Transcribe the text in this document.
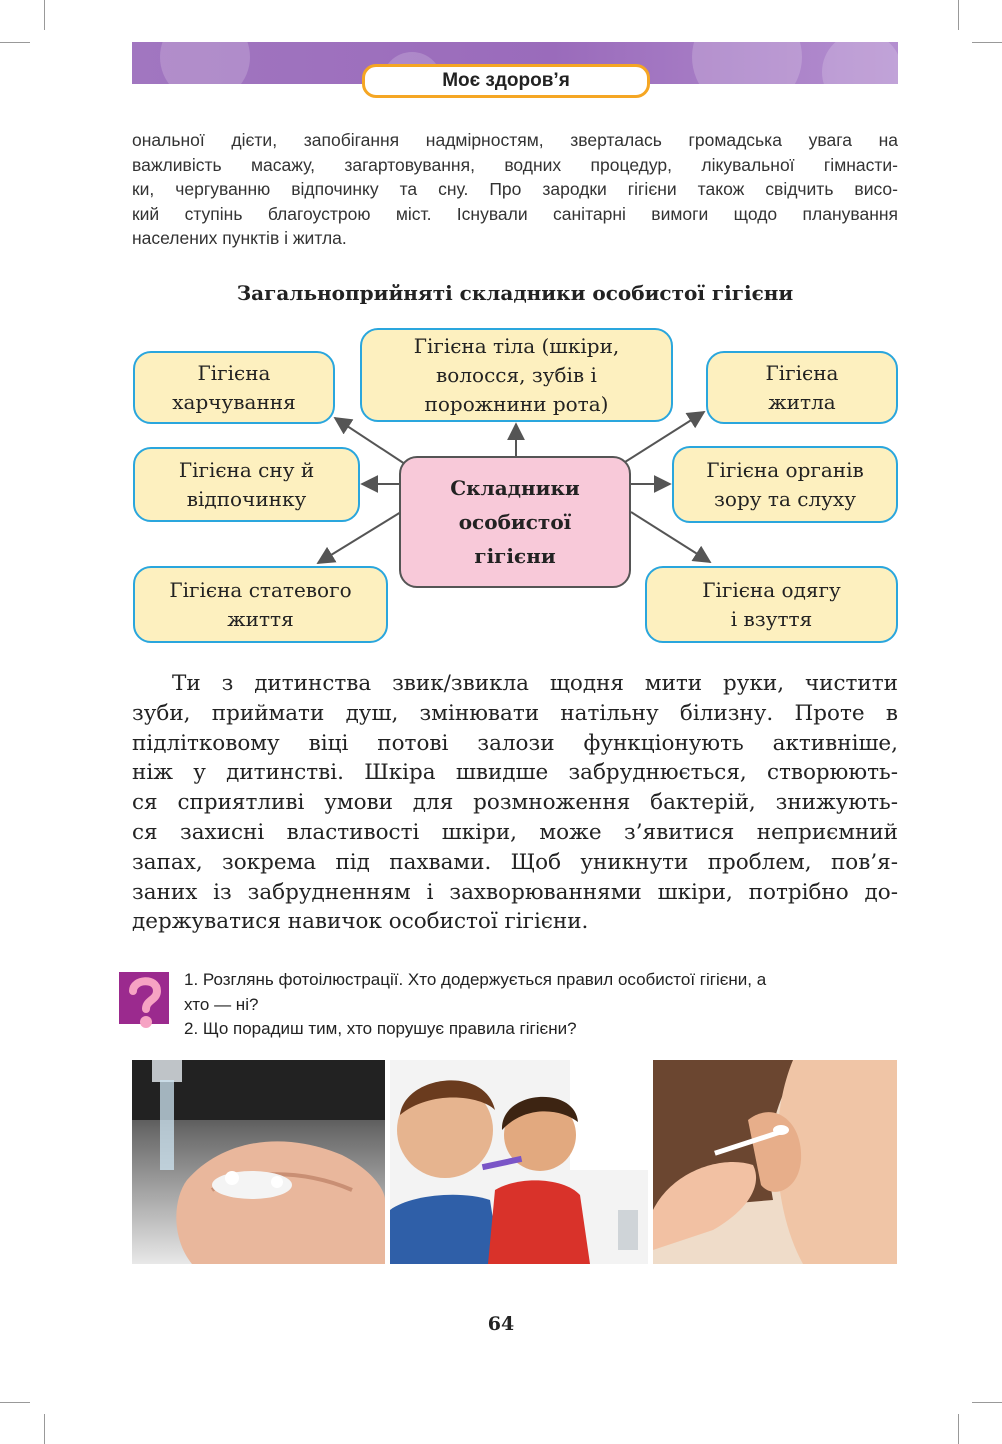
Моє здоров’я
ональної дієти, запобігання надмірностям, зверталась громадська увага на
важливість масажу, загартовування, водних процедур, лікувальної гімнасти-
ки, чергуванню відпочинку та сну. Про зародки гігієни також свідчить висо-
кий ступінь благоустрою міст. Існували санітарні вимоги щодо планування
населених пунктів і житла.
Загальноприйняті складники особистої гігієни
Гігієна
харчування
Гігієна тіла (шкіри,
волосся, зубів і
порожнини рота)
Гігієна
житла
Гігієна сну й
відпочинку
Гігієна органів
зору та слуху
Гігієна статевого
життя
Гігієна одягу
і взуття
Складники
особистої
гігієни
Ти з дитинства звик/звикла щодня мити руки, чистити
зуби, приймати душ, змінювати натільну білизну. Проте в
підлітковому віці потові залози функціонують активніше,
ніж у дитинстві. Шкіра швидше забруднюється, створюють-
ся сприятливі умови для розмноження бактерій, знижують-
ся захисні властивості шкіри, може з’явитися неприємний
запах, зокрема під пахвами. Щоб уникнути проблем, пов’я-
заних із забрудненням і захворюваннями шкіри, потрібно до-
держуватися навичок особистої гігієни.
1. Розглянь фотоілюстрації. Хто додержується правил особистої гігієни, а
хто — ні?
2. Що порадиш тим, хто порушує правила гігієни?
64
